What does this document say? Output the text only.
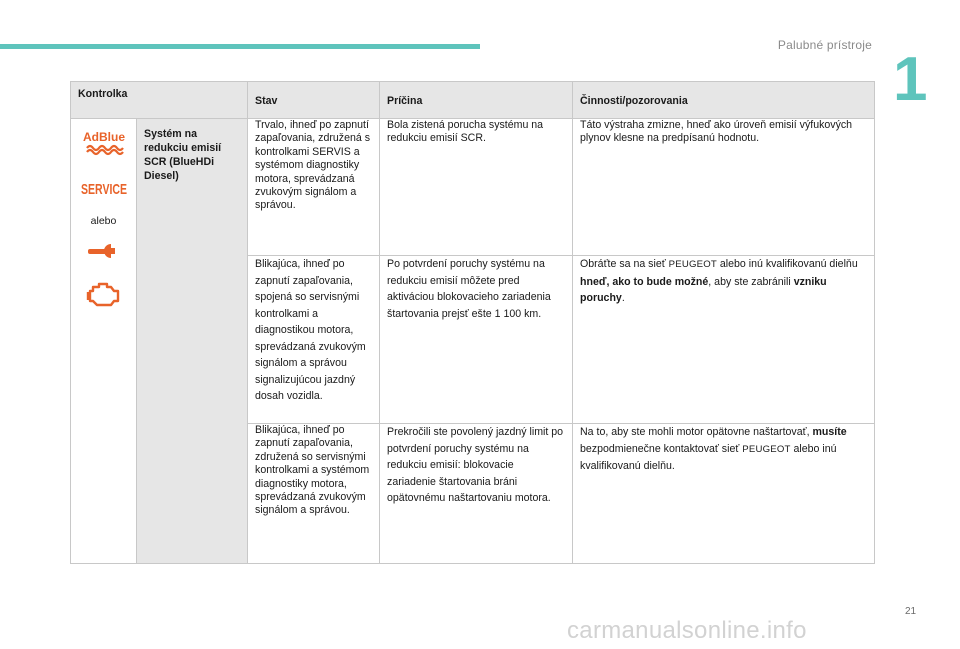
Palubné prístroje 1
Kontrolka		Stav	Príčina	Činnosti/pozorovania

AdBlue
SERVICE
alebo	Systém na redukciu emisií SCR (BlueHDi Diesel)	Trvalo, ihneď po zapnutí zapaľovania, združená s kontrolkami SERVIS a systémom diagnostiky motora, sprevádzaná zvukovým signálom a správou.	Bola zistená porucha systému na redukciu emisií SCR.	Táto výstraha zmizne, hneď ako úroveň emisií výfukových plynov klesne na predpísanú hodnotu.
		Blikajúca, ihneď po zapnutí zapaľovania, spojená so servisnými kontrolkami a diagnostikou motora, sprevádzaná zvukovým signálom a správou signalizujúcou jazdný dosah vozidla.	Po potvrdení poruchy systému na redukciu emisií môžete pred aktiváciou blokovacieho zariadenia štartovania prejsť ešte 1 100 km.	Obráťte sa na sieť PEUGEOT alebo inú kvalifikovanú dielňu hneď, ako to bude možné, aby ste zabránili vzniku poruchy.
		Blikajúca, ihneď po zapnutí zapaľovania, združená so servisnými kontrolkami a systémom diagnostiky motora, sprevádzaná zvukovým signálom a správou.	Prekročili ste povolený jazdný limit po potvrdení poruchy systému na redukciu emisií: blokovacie zariadenie štartovania bráni opätovnému naštartovaniu motora.	Na to, aby ste mohli motor opätovne naštartovať, musíte bezpodmienečne kontaktovať sieť PEUGEOT alebo inú kvalifikovanú dielňu.
21
carmanualsonline.info
